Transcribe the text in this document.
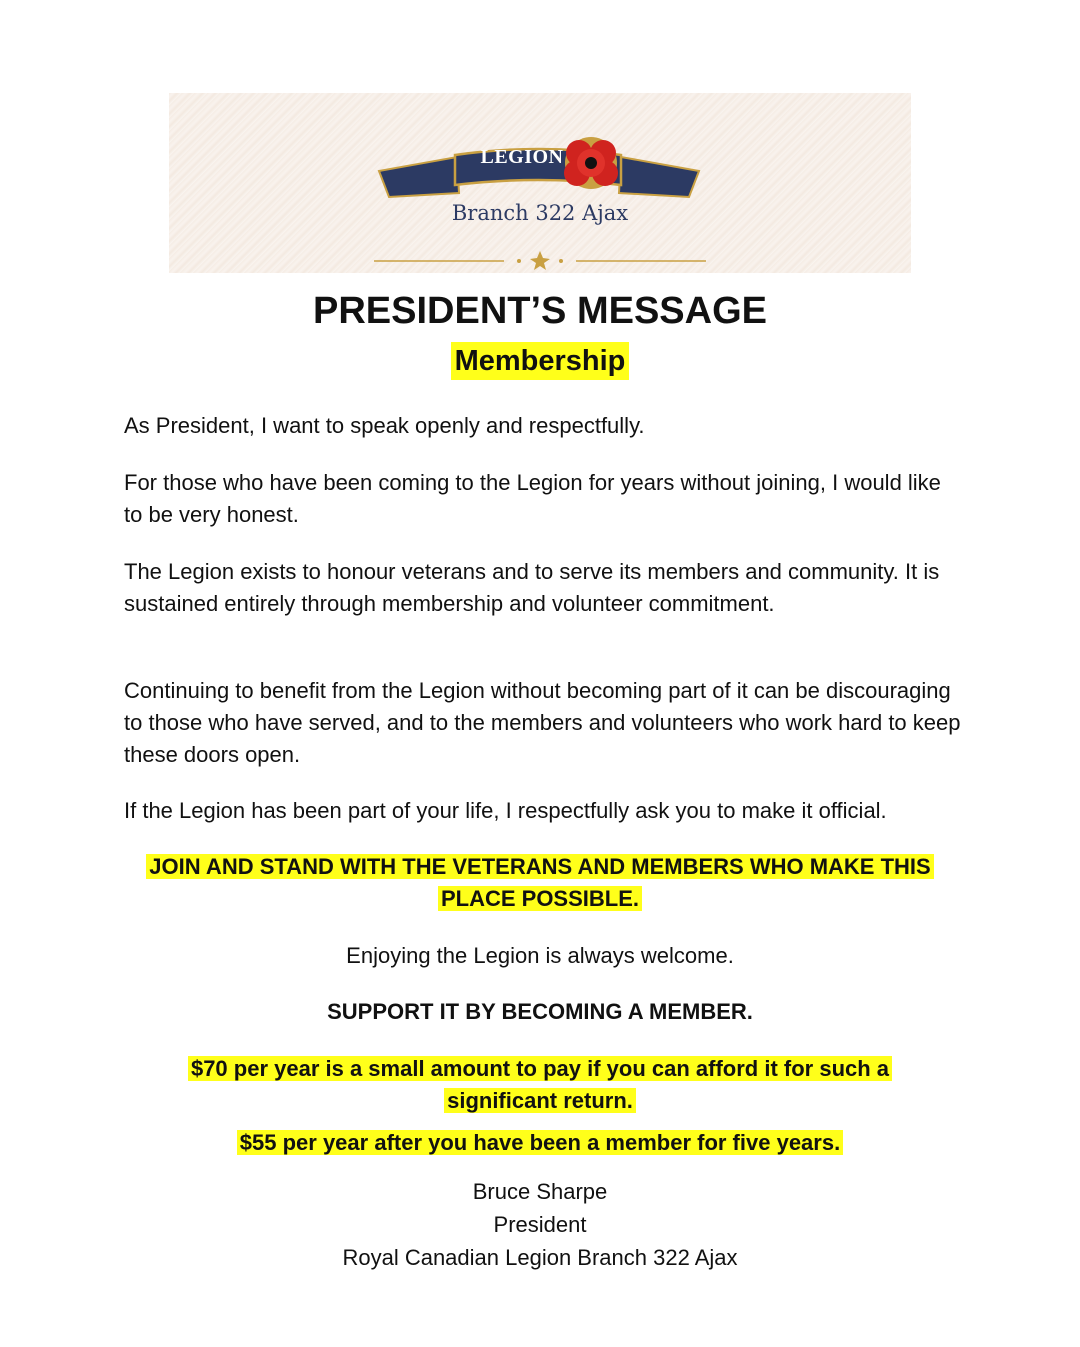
LEGION
Branch 322 Ajax
PRESIDENT’S MESSAGE
Membership

As President, I want to speak openly and respectfully.

For those who have been coming to the Legion for years without joining, I would like to be very honest.

The Legion exists to honour veterans and to serve its members and community. It is sustained entirely through membership and volunteer commitment.

Continuing to benefit from the Legion without becoming part of it can be discouraging to those who have served, and to the members and volunteers who work hard to keep these doors open.

If the Legion has been part of your life, I respectfully ask you to make it official.

JOIN AND STAND WITH THE VETERANS AND MEMBERS WHO MAKE THIS PLACE POSSIBLE.

Enjoying the Legion is always welcome.

SUPPORT IT BY BECOMING A MEMBER.

$70 per year is a small amount to pay if you can afford it for such a significant return.

$55 per year after you have been a member for five years.

Bruce Sharpe

President

Royal Canadian Legion Branch 322 Ajax
